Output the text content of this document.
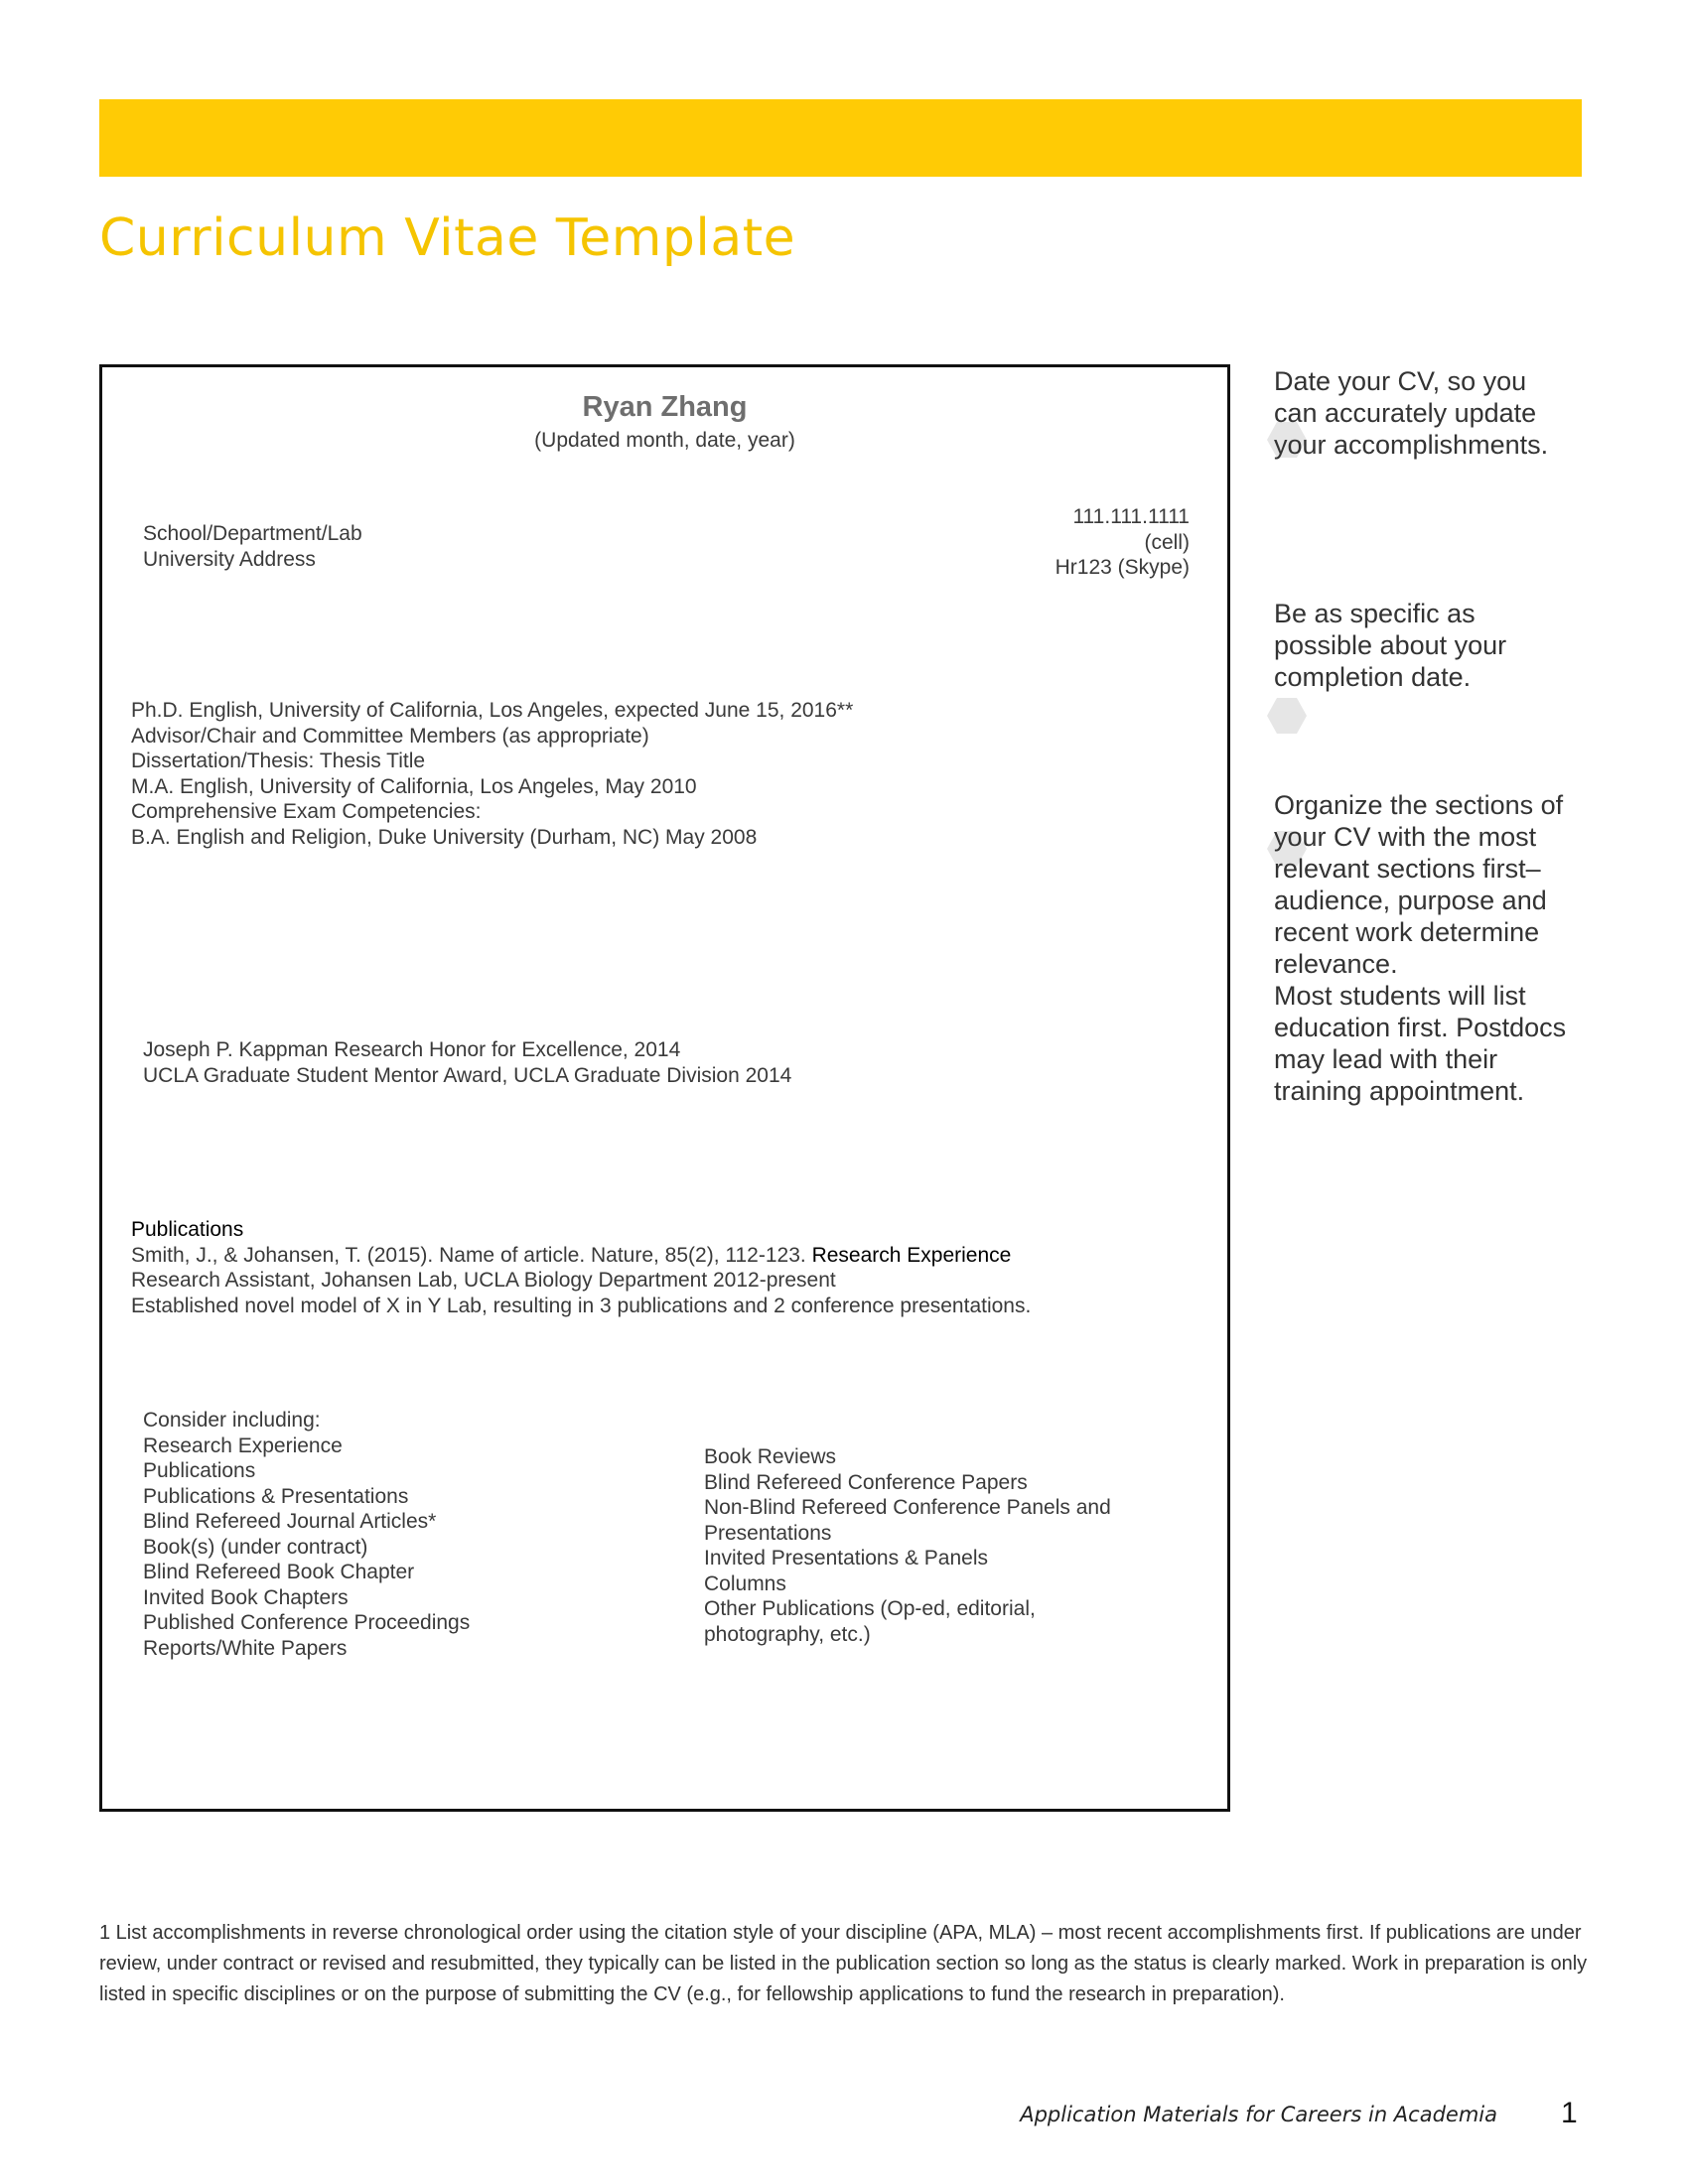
Curriculum Vitae Template
Ryan Zhang
(Updated month, date, year)
111.111.1111
(cell)
Hr123 (Skype)
School/Department/Lab
University Address
Ph.D. English, University of California, Los Angeles, expected June 15, 2016**
Advisor/Chair and Committee Members (as appropriate)
Dissertation/Thesis: Thesis Title
M.A. English, University of California, Los Angeles, May 2010
Comprehensive Exam Competencies:
B.A. English and Religion, Duke University (Durham, NC) May 2008
Joseph P. Kappman Research Honor for Excellence, 2014
UCLA Graduate Student Mentor Award, UCLA Graduate Division 2014
Publications
Smith, J., & Johansen, T. (2015). Name of article. Nature, 85(2), 112-123. Research Experience
Research Assistant, Johansen Lab, UCLA Biology Department 2012-present
Established novel model of X in Y Lab, resulting in 3 publications and 2 conference presentations.
Consider including:
Research Experience
Publications
Publications & Presentations
Blind Refereed Journal Articles*
Book(s) (under contract)
Blind Refereed Book Chapter
Invited Book Chapters
Published Conference Proceedings
Reports/White Papers
Book Reviews
Blind Refereed Conference Papers
Non-Blind Refereed Conference Panels and
Presentations
Invited Presentations & Panels
Columns
Other Publications (Op-ed, editorial,
photography, etc.)
Date your CV, so you
can accurately update
your accomplishments.
Be as specific as
possible about your
completion date.
Organize the sections of
your CV with the most
relevant sections first–
audience, purpose and
recent work determine
relevance.
Most students will list
education first. Postdocs
may lead with their
training appointment.
1 List accomplishments in reverse chronological order using the citation style of your discipline (APA, MLA) – most recent accomplishments first. If publications are under review, under contract or revised and resubmitted, they typically can be listed in the publication section so long as the status is clearly marked. Work in preparation is only listed in specific disciplines or on the purpose of submitting the CV (e.g., for fellowship applications to fund the research in preparation).
Application Materials for Careers in Academia 1
